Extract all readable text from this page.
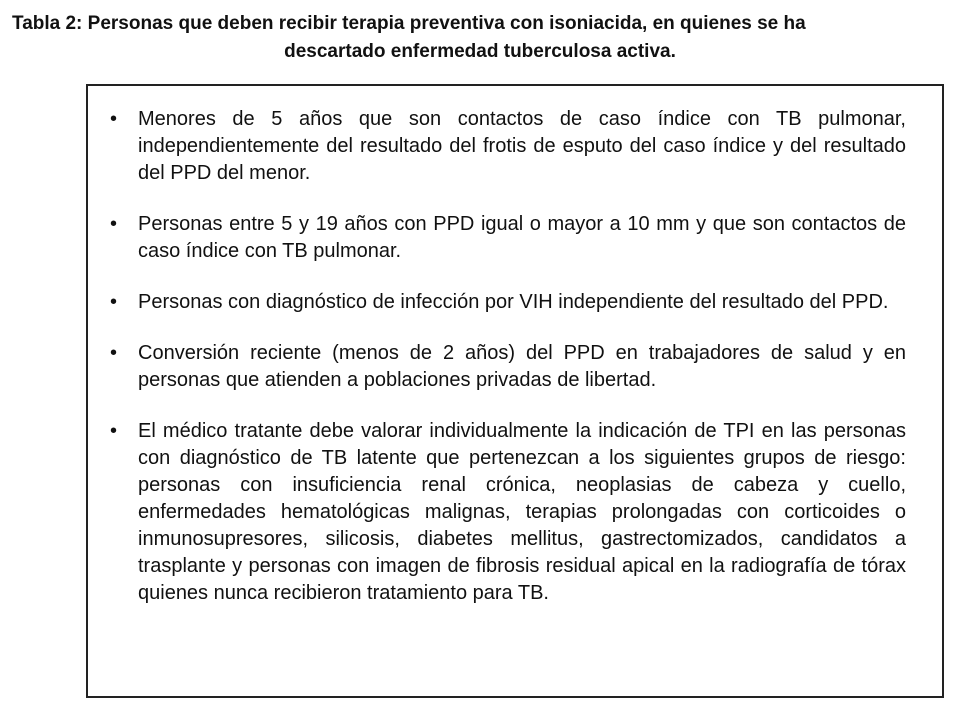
Tabla 2: Personas que deben recibir terapia preventiva con isoniacida, en quienes se ha
descartado enfermedad tuberculosa activa.
• Menores de 5 años que son contactos de caso índice con TB pulmonar, independientemente del resultado del frotis de esputo del caso índice y del resultado del PPD del menor.
• Personas entre 5 y 19 años con PPD igual o mayor a 10 mm y que son contactos de caso índice con TB pulmonar.
• Personas con diagnóstico de infección por VIH independiente del resultado del PPD.
• Conversión reciente (menos de 2 años) del PPD en trabajadores de salud y en personas que atienden a poblaciones privadas de libertad.
• El médico tratante debe valorar individualmente la indicación de TPI en las personas con diagnóstico de TB latente que pertenezcan a los siguientes grupos de riesgo: personas con insuficiencia renal crónica, neoplasias de cabeza y cuello, enfermedades hematológicas malignas, terapias prolongadas con corticoides o inmunosupresores, silicosis, diabetes mellitus, gastrectomizados, candidatos a trasplante y personas con imagen de fibrosis residual apical en la radiografía de tórax quienes nunca recibieron tratamiento para TB.
